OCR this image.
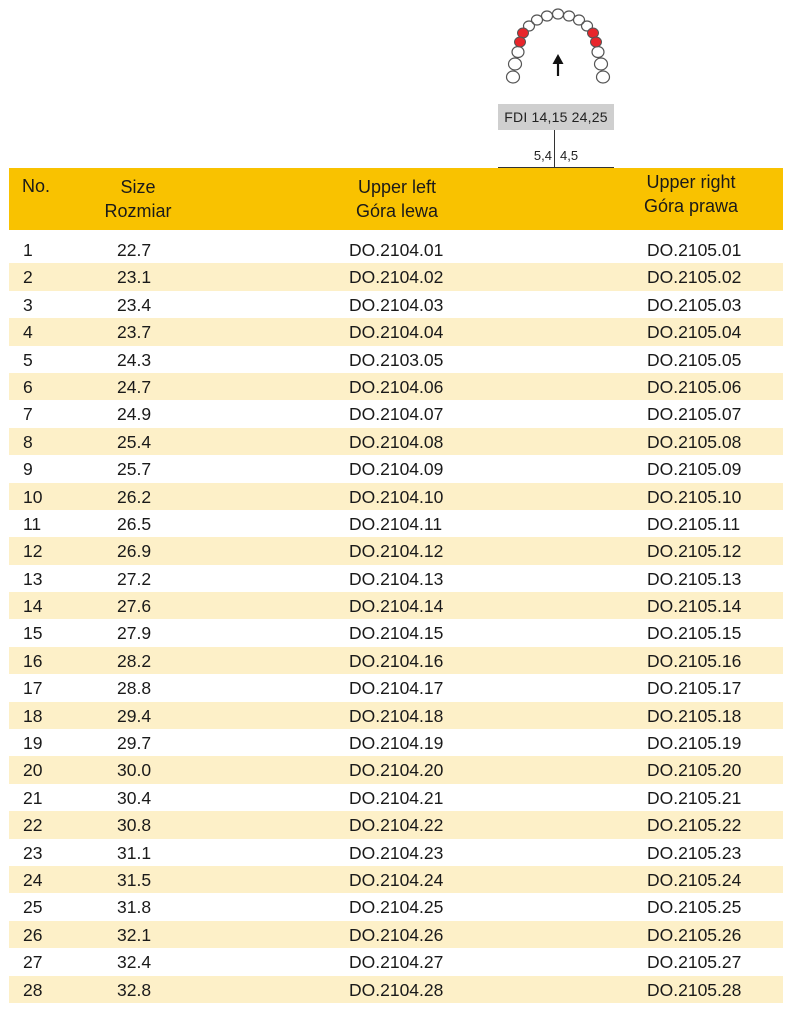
FDI 14,15 24,25
5,4 4,5
No.	Size
Rozmiar
Upper left
Góra lewa
Upper right
Góra prawa
1	22.7	DO.2104.01	DO.2105.01
2	23.1	DO.2104.02	DO.2105.02
3	23.4	DO.2104.03	DO.2105.03
4	23.7	DO.2104.04	DO.2105.04
5	24.3	DO.2103.05	DO.2105.05
6	24.7	DO.2104.06	DO.2105.06
7	24.9	DO.2104.07	DO.2105.07
8	25.4	DO.2104.08	DO.2105.08
9	25.7	DO.2104.09	DO.2105.09
10	26.2	DO.2104.10	DO.2105.10
11	26.5	DO.2104.11	DO.2105.11
12	26.9	DO.2104.12	DO.2105.12
13	27.2	DO.2104.13	DO.2105.13
14	27.6	DO.2104.14	DO.2105.14
15	27.9	DO.2104.15	DO.2105.15
16	28.2	DO.2104.16	DO.2105.16
17	28.8	DO.2104.17	DO.2105.17
18	29.4	DO.2104.18	DO.2105.18
19	29.7	DO.2104.19	DO.2105.19
20	30.0	DO.2104.20	DO.2105.20
21	30.4	DO.2104.21	DO.2105.21
22	30.8	DO.2104.22	DO.2105.22
23	31.1	DO.2104.23	DO.2105.23
24	31.5	DO.2104.24	DO.2105.24
25	31.8	DO.2104.25	DO.2105.25
26	32.1	DO.2104.26	DO.2105.26
27	32.4	DO.2104.27	DO.2105.27
28	32.8	DO.2104.28	DO.2105.28
